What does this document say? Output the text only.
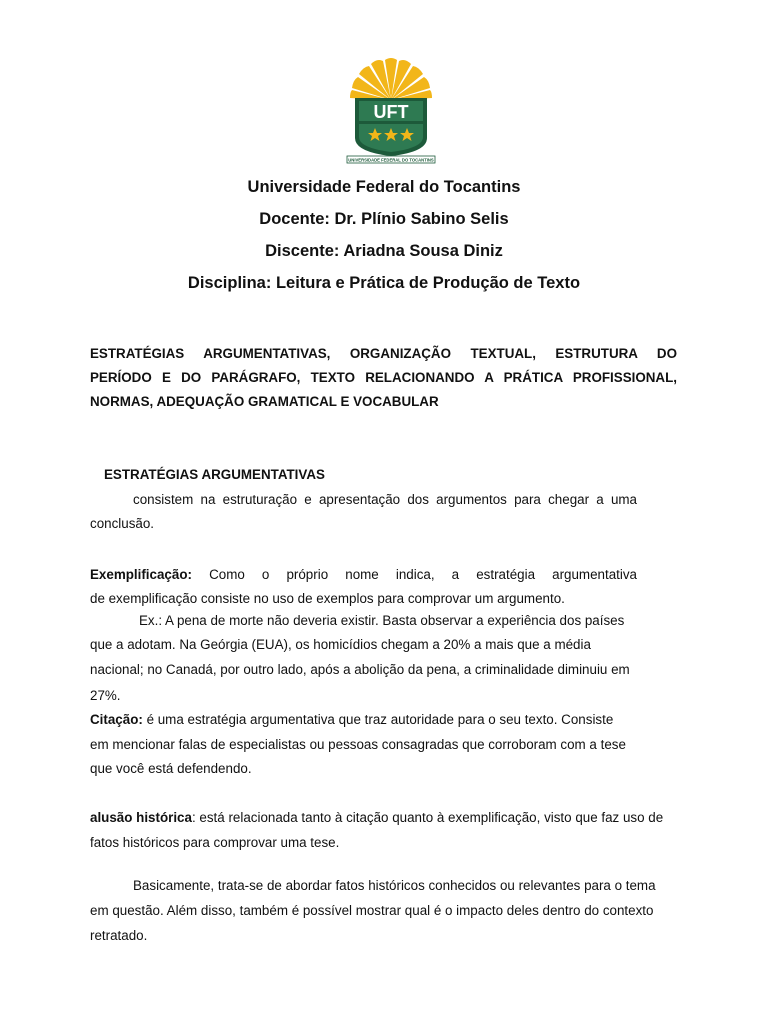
UFT
UNIVERSIDADE FEDERAL DO TOCANTINS
Universidade Federal do Tocantins
Docente: Dr. Plínio Sabino Selis
Discente: Ariadna Sousa Diniz
Disciplina: Leitura e Prática de Produção de Texto
ESTRATÉGIAS ARGUMENTATIVAS, ORGANIZAÇÃO TEXTUAL, ESTRUTURA DO
PERÍODO E DO PARÁGRAFO, TEXTO RELACIONANDO A PRÁTICA PROFISSIONAL,
NORMAS, ADEQUAÇÃO GRAMATICAL E VOCABULAR
ESTRATÉGIAS ARGUMENTATIVAS
consistem na estruturação e apresentação dos argumentos para chegar a uma
conclusão.
Exemplificação: Como o próprio nome indica, a estratégia argumentativa
de exemplificação consiste no uso de exemplos para comprovar um argumento.
Ex.: A pena de morte não deveria existir. Basta observar a experiência dos países
que a adotam. Na Geórgia (EUA), os homicídios chegam a 20% a mais que a média
nacional; no Canadá, por outro lado, após a abolição da pena, a criminalidade diminuiu em
27%.
Citação: é uma estratégia argumentativa que traz autoridade para o seu texto. Consiste
em mencionar falas de especialistas ou pessoas consagradas que corroboram com a tese
que você está defendendo.
alusão histórica: está relacionada tanto à citação quanto à exemplificação, visto que faz uso de
fatos históricos para comprovar uma tese.
Basicamente, trata-se de abordar fatos históricos conhecidos ou relevantes para o tema
em questão. Além disso, também é possível mostrar qual é o impacto deles dentro do contexto
retratado.
